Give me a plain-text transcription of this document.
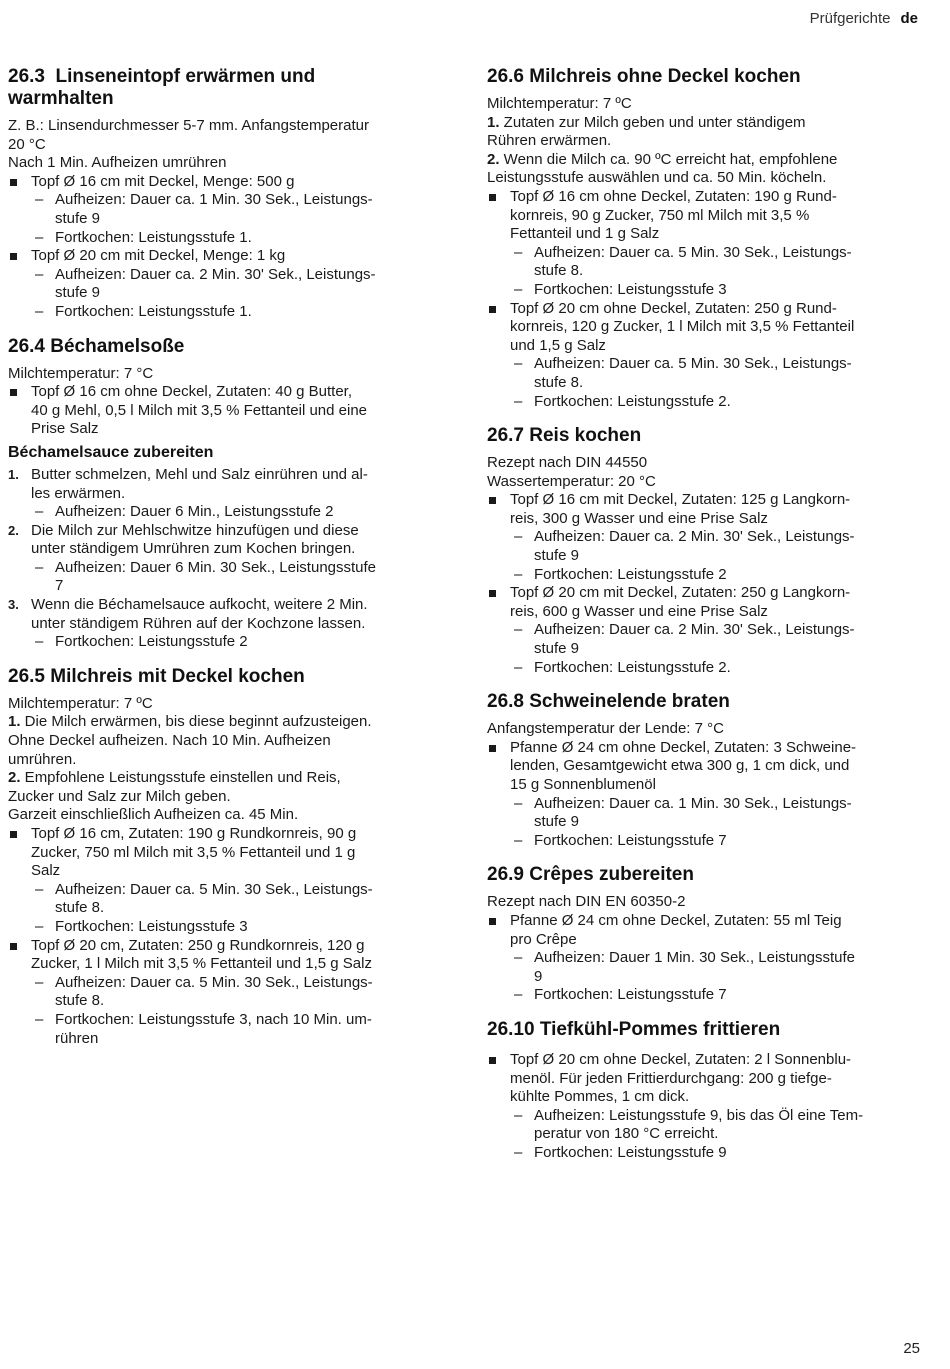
Prüfgerichte de
26.3  Linseneintopf erwärmen und
warmhalten

Z. B.: Linsendurchmesser 5-7 mm. Anfangstemperatur
20 °C

Nach 1 Min. Aufheizen umrühren

Topf Ø 16 cm mit Deckel, Menge: 500 g
– Aufheizen: Dauer ca. 1 Min. 30 Sek., Leistungs-
stufe 9
– Fortkochen: Leistungsstufe 1.
Topf Ø 20 cm mit Deckel, Menge: 1 kg
– Aufheizen: Dauer ca. 2 Min. 30' Sek., Leistungs-
stufe 9
– Fortkochen: Leistungsstufe 1.
26.4 Béchamelsoße

Milchtemperatur: 7 °C

Topf Ø 16 cm ohne Deckel, Zutaten: 40 g Butter,
40 g Mehl, 0,5 l Milch mit 3,5 % Fettanteil und eine
Prise Salz
Béchamelsauce zubereiten
1. Butter schmelzen, Mehl und Salz einrühren und al-
les erwärmen.
– Aufheizen: Dauer 6 Min., Leistungsstufe 2
2. Die Milch zur Mehlschwitze hinzufügen und diese
unter ständigem Umrühren zum Kochen bringen.
– Aufheizen: Dauer 6 Min. 30 Sek., Leistungsstufe
7
3. Wenn die Béchamelsauce aufkocht, weitere 2 Min.
unter ständigem Rühren auf der Kochzone lassen.
– Fortkochen: Leistungsstufe 2
26.5 Milchreis mit Deckel kochen

Milchtemperatur: 7 ºC

1. Die Milch erwärmen, bis diese beginnt aufzusteigen.
Ohne Deckel aufheizen. Nach 10 Min. Aufheizen
umrühren.

2. Empfohlene Leistungsstufe einstellen und Reis,
Zucker und Salz zur Milch geben.

Garzeit einschließlich Aufheizen ca. 45 Min.

Topf Ø 16 cm, Zutaten: 190 g Rundkornreis, 90 g
Zucker, 750 ml Milch mit 3,5 % Fettanteil und 1 g
Salz
– Aufheizen: Dauer ca. 5 Min. 30 Sek., Leistungs-
stufe 8.
– Fortkochen: Leistungsstufe 3
Topf Ø 20 cm, Zutaten: 250 g Rundkornreis, 120 g
Zucker, 1 l Milch mit 3,5 % Fettanteil und 1,5 g Salz
– Aufheizen: Dauer ca. 5 Min. 30 Sek., Leistungs-
stufe 8.
– Fortkochen: Leistungsstufe 3, nach 10 Min. um-
rühren
26.6 Milchreis ohne Deckel kochen

Milchtemperatur: 7 ºC

1. Zutaten zur Milch geben und unter ständigem
Rühren erwärmen.

2. Wenn die Milch ca. 90 ºC erreicht hat, empfohlene
Leistungsstufe auswählen und ca. 50 Min. köcheln.

Topf Ø 16 cm ohne Deckel, Zutaten: 190 g Rund-
kornreis, 90 g Zucker, 750 ml Milch mit 3,5 %
Fettanteil und 1 g Salz
– Aufheizen: Dauer ca. 5 Min. 30 Sek., Leistungs-
stufe 8.
– Fortkochen: Leistungsstufe 3
Topf Ø 20 cm ohne Deckel, Zutaten: 250 g Rund-
kornreis, 120 g Zucker, 1 l Milch mit 3,5 % Fettanteil
und 1,5 g Salz
– Aufheizen: Dauer ca. 5 Min. 30 Sek., Leistungs-
stufe 8.
– Fortkochen: Leistungsstufe 2.
26.7 Reis kochen

Rezept nach DIN 44550

Wassertemperatur: 20 °C

Topf Ø 16 cm mit Deckel, Zutaten: 125 g Langkorn-
reis, 300 g Wasser und eine Prise Salz
– Aufheizen: Dauer ca. 2 Min. 30' Sek., Leistungs-
stufe 9
– Fortkochen: Leistungsstufe 2
Topf Ø 20 cm mit Deckel, Zutaten: 250 g Langkorn-
reis, 600 g Wasser und eine Prise Salz
– Aufheizen: Dauer ca. 2 Min. 30' Sek., Leistungs-
stufe 9
– Fortkochen: Leistungsstufe 2.
26.8 Schweinelende braten

Anfangstemperatur der Lende: 7 °C

Pfanne Ø 24 cm ohne Deckel, Zutaten: 3 Schweine-
lenden, Gesamtgewicht etwa 300 g, 1 cm dick, und
15 g Sonnenblumenöl
– Aufheizen: Dauer ca. 1 Min. 30 Sek., Leistungs-
stufe 9
– Fortkochen: Leistungsstufe 7
26.9 Crêpes zubereiten

Rezept nach DIN EN 60350-2

Pfanne Ø 24 cm ohne Deckel, Zutaten: 55 ml Teig
pro Crêpe
– Aufheizen: Dauer 1 Min. 30 Sek., Leistungsstufe
9
– Fortkochen: Leistungsstufe 7
26.10 Tiefkühl-Pommes frittieren
Topf Ø 20 cm ohne Deckel, Zutaten: 2 l Sonnenblu-
menöl. Für jeden Frittierdurchgang: 200 g tiefge-
kühlte Pommes, 1 cm dick.
– Aufheizen: Leistungsstufe 9, bis das Öl eine Tem-
peratur von 180 °C erreicht.
– Fortkochen: Leistungsstufe 9
25
